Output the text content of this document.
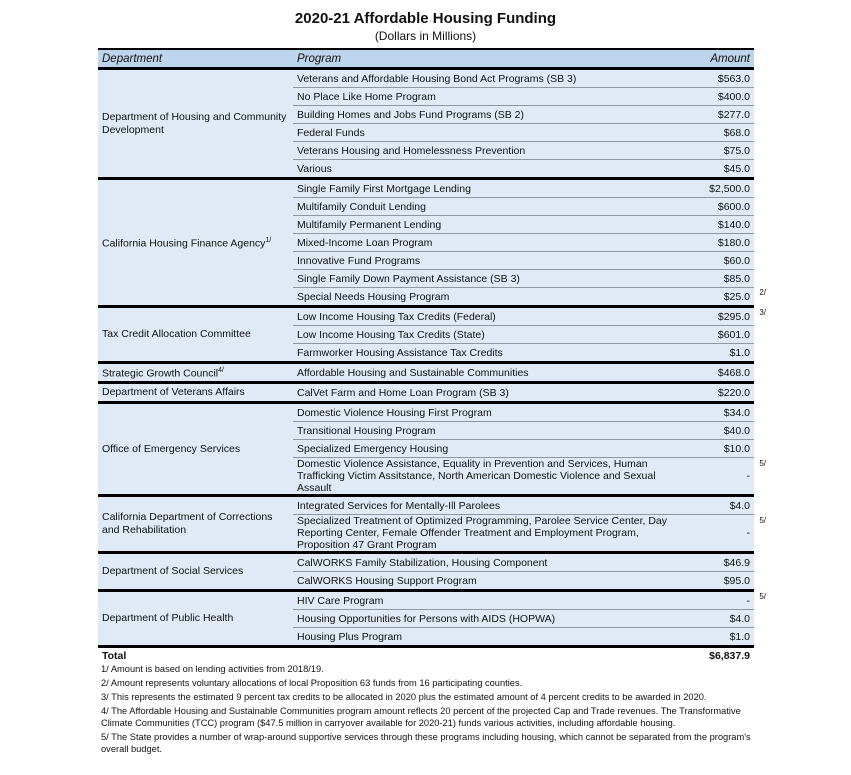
2020-21 Affordable Housing Funding
(Dollars in Millions)
Department	Program	Amount
Department of Housing and Community Development	Veterans and Affordable Housing Bond Act Programs (SB 3)	$563.0
	No Place Like Home Program	$400.0
	Building Homes and Jobs Fund Programs (SB 2)	$277.0
	Federal Funds	$68.0
	Veterans Housing and Homelessness Prevention	$75.0
	Various	$45.0
California Housing Finance Agency$^{1/}$	Single Family First Mortgage Lending	$2,500.0
	Multifamily Conduit Lending	$600.0
	Multifamily Permanent Lending	$140.0
	Mixed-Income Loan Program	$180.0
	Innovative Fund Programs	$60.0
	Single Family Down Payment Assistance (SB 3)	$85.0
	Special Needs Housing Program	$25.0 2/

Tax Credit Allocation Committee	Low Income Housing Tax Credits (Federal)	$295.0 3/

	Low Income Housing Tax Credits (State)	$601.0
	Farmworker Housing Assistance Tax Credits	$1.0
Strategic Growth Council$^{4/}$	Affordable Housing and Sustainable Communities	$468.0
Department of Veterans Affairs	CalVet Farm and Home Loan Program (SB 3)	$220.0
Office of Emergency Services	Domestic Violence Housing First Program	$34.0
	Transitional Housing Program	$40.0
	Specialized Emergency Housing	$10.0
	Domestic Violence Assistance, Equality in Prevention and Services, Human Trafficking Victim Assitstance, North American Domestic Violence and Sexual Assault	-
5/

California Department of Corrections and Rehabilitation	Integrated Services for Mentally-Ill Parolees	$4.0
	Specialized Treatment of Optimized Programming, Parolee Service Center, Day Reporting Center, Female Offender Treatment and Employment Program, Proposition 47 Grant Program	-
5/

Department of Social Services	CalWORKS Family Stabilization, Housing Component	$46.9
	CalWORKS Housing Support Program	$95.0
Department of Public Health	HIV Care Program	- 5/

	Housing Opportunities for Persons with AIDS (HOPWA)	$4.0
	Housing Plus Program	$1.0
Total		$6,837.9

1/ Amount is based on lending activities from 2018/19.

2/ Amount represents voluntary allocations of local Proposition 63 funds from 16 participating counties.

3/ This represents the estimated 9 percent tax credits to be allocated in 2020 plus the estimated amount of 4 percent credits to be awarded in 2020.

4/ The Affordable Housing and Sustainable Communities program amount reflects 20 percent of the projected Cap and Trade revenues. The Transformative Climate Communities (TCC) program ($47.5 million in carryover available for 2020-21) funds various activities, including affordable housing.

5/ The State provides a number of wrap-around supportive services through these programs including housing, which cannot be separated from the program's overall budget.
